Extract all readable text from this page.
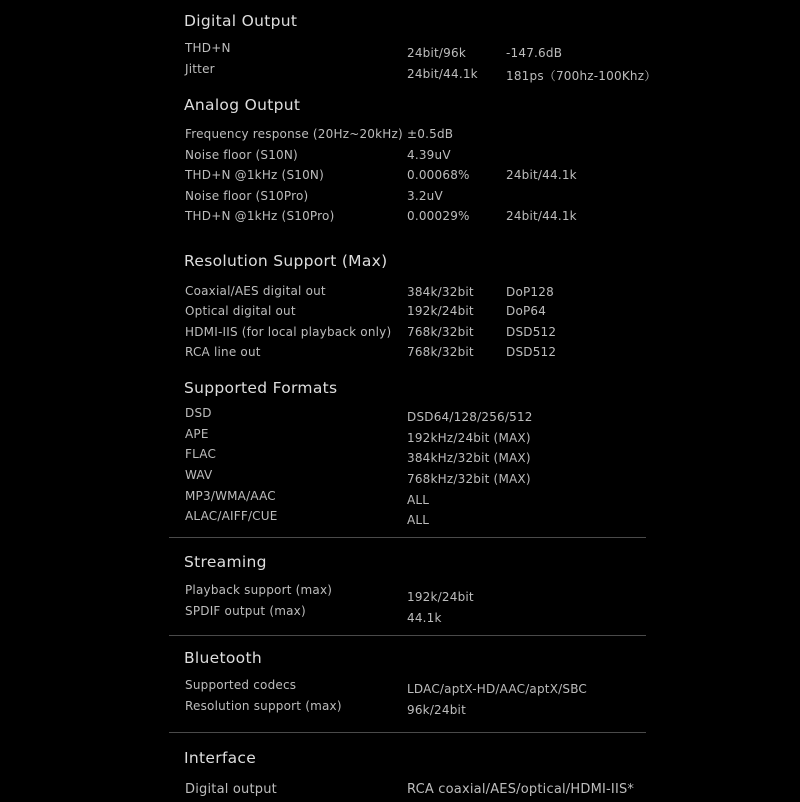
Digital Output
THD+N	24bit/96k	-147.6dB
Jitter	24bit/44.1k 181ps（700hz-100Khz）
Analog Output
Frequency response (20Hz~20kHz) ±0.5dB
Noise floor (S10N)	4.39uV
THD+N @1kHz (S10N)	0.00068%	24bit/44.1k
Noise floor (S10Pro)	3.2uV
THD+N @1kHz (S10Pro)	0.00029%	24bit/44.1k
Resolution Support (Max)
Coaxial/AES digital out	384k/32bit	DoP128
Optical digital out	192k/24bit	DoP64
HDMI-IIS (for local playback only) 768k/32bit	DSD512
RCA line out	768k/32bit	DSD512
Supported Formats
DSD	DSD64/128/256/512
APE	192kHz/24bit (MAX)
FLAC	384kHz/32bit (MAX)
WAV	768kHz/32bit (MAX)
MP3/WMA/AAC	ALL
ALAC/AIFF/CUE	ALL
Streaming
Playback support (max)	192k/24bit
SPDIF output (max)	44.1k
Bluetooth
Supported codecs	LDAC/aptX-HD/AAC/aptX/SBC
Resolution support (max)	96k/24bit
Interface
Digital output	RCA coaxial/AES/optical/HDMI-IIS*
